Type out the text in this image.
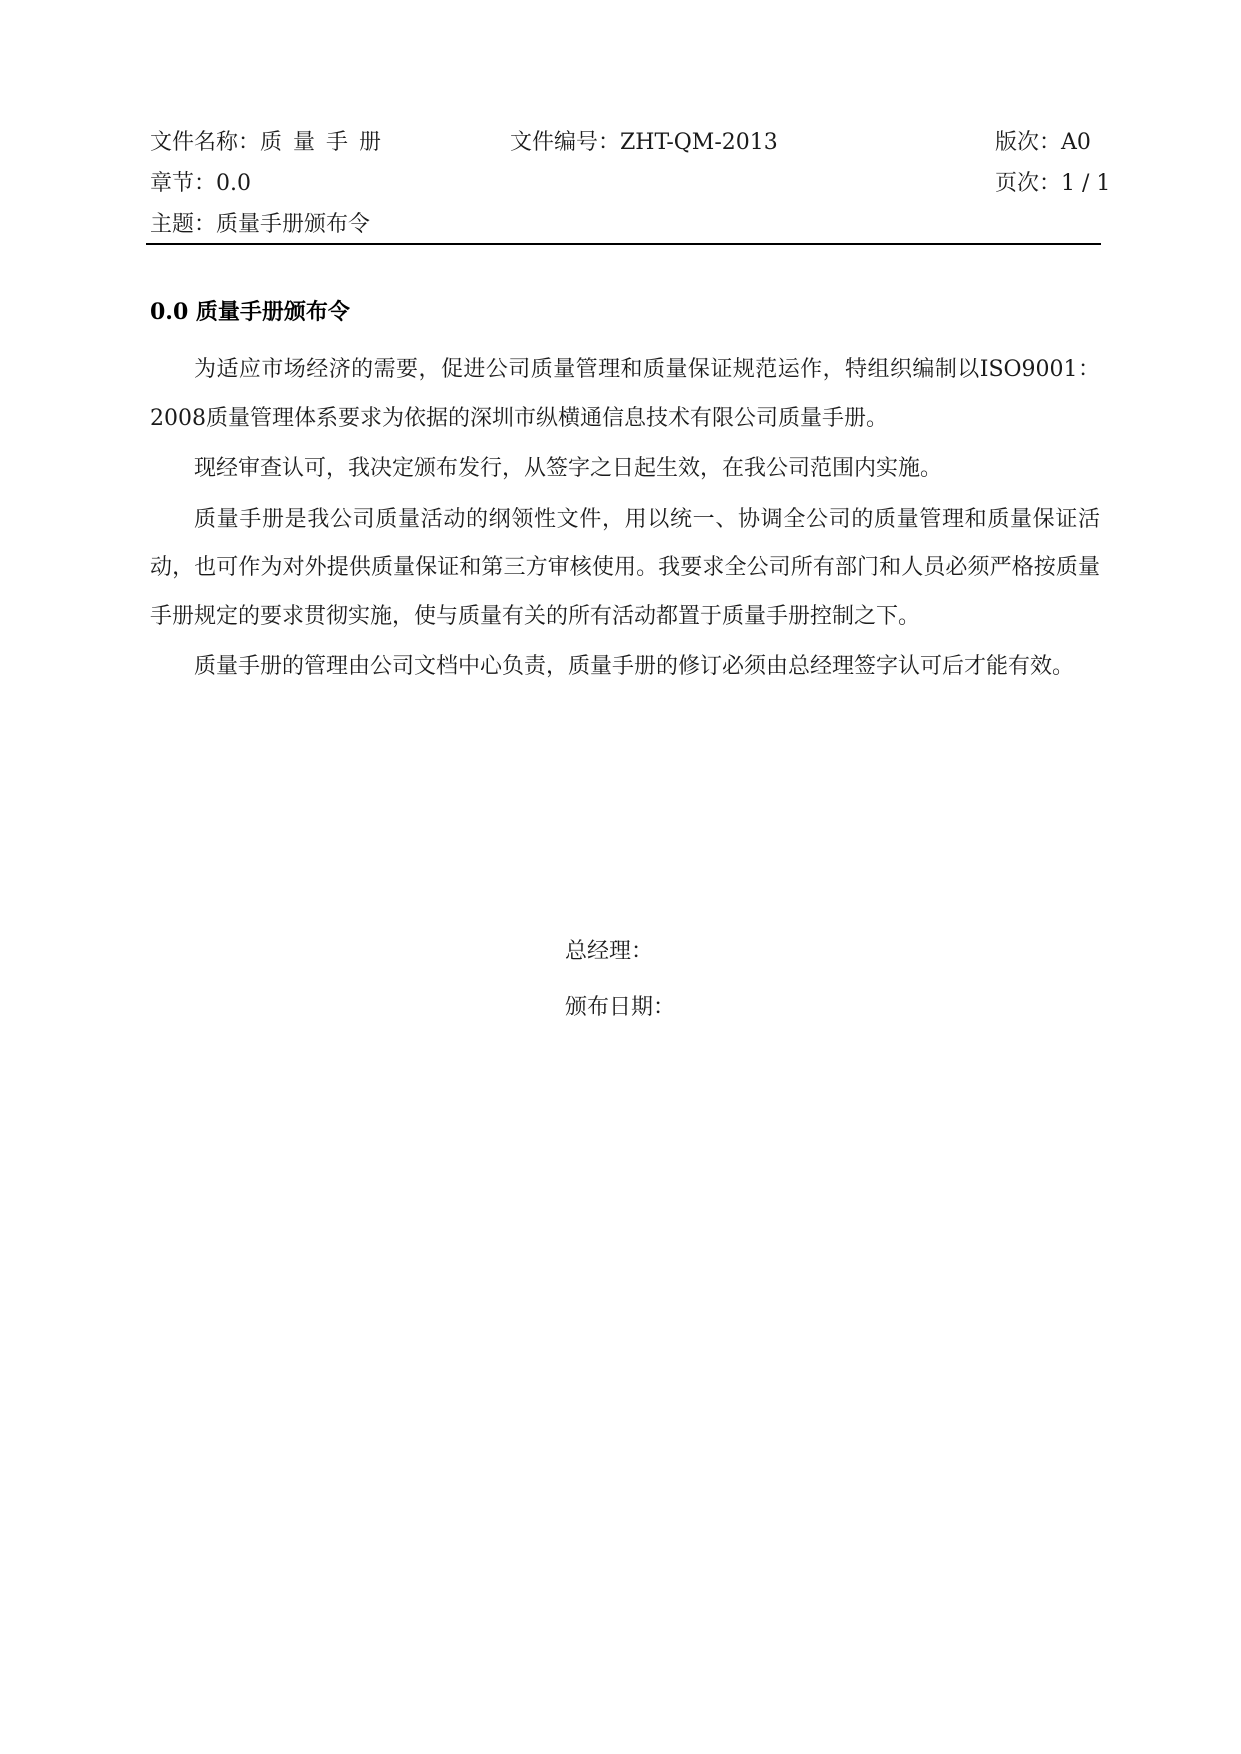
文件名称：质量手册	文件编号：ZHT-QM-2013	版次：A0
章节：0.0	页次：1 / 1
主题：质量手册颁布令
0.0 质量手册颁布令

为适应市场经济的需要，促进公司质量管理和质量保证规范运作，特组织编制以ISO9001：2008质量管理体系要求为依据的深圳市纵横通信息技术有限公司质量手册。

现经审查认可，我决定颁布发行，从签字之日起生效，在我公司范围内实施。

质量手册是我公司质量活动的纲领性文件，用以统一、协调全公司的质量管理和质量保证活动，也可作为对外提供质量保证和第三方审核使用。我要求全公司所有部门和人员必须严格按质量手册规定的要求贯彻实施，使与质量有关的所有活动都置于质量手册控制之下。

质量手册的管理由公司文档中心负责，质量手册的修订必须由总经理签字认可后才能有效。

总经理：
颁布日期：
